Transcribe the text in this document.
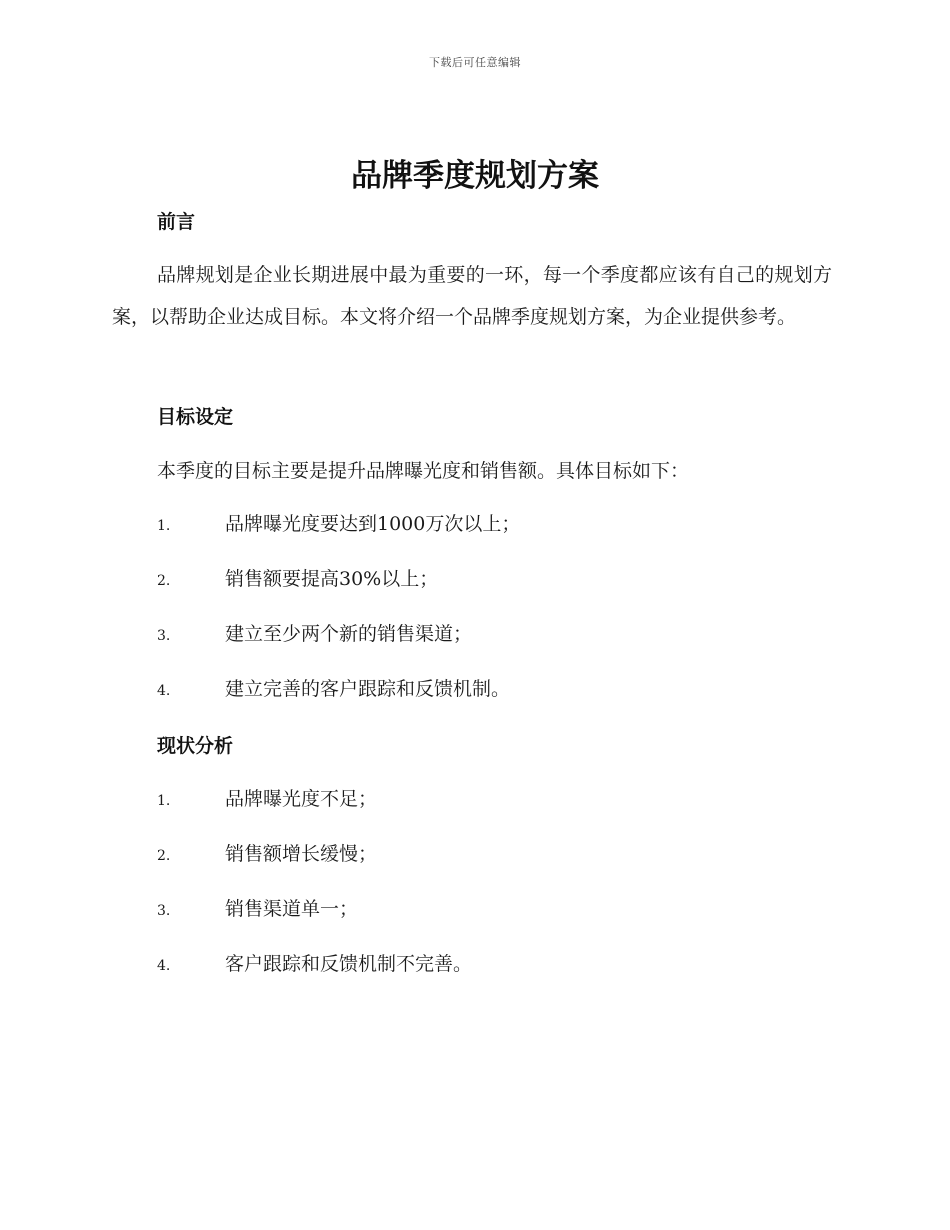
下载后可任意编辑
品牌季度规划方案
前言

品牌规划是企业长期进展中最为重要的一环，每一个季度都应该有自己的规划方案，以帮助企业达成目标。本文将介绍一个品牌季度规划方案，为企业提供参考。

目标设定

本季度的目标主要是提升品牌曝光度和销售额。具体目标如下：

1.	品牌曝光度要达到1000万次以上；
2.	销售额要提高30%以上；
3.	建立至少两个新的销售渠道；
4.	建立完善的客户跟踪和反馈机制。
现状分析
1.	品牌曝光度不足；
2.	销售额增长缓慢；
3.	销售渠道单一；
4.	客户跟踪和反馈机制不完善。
